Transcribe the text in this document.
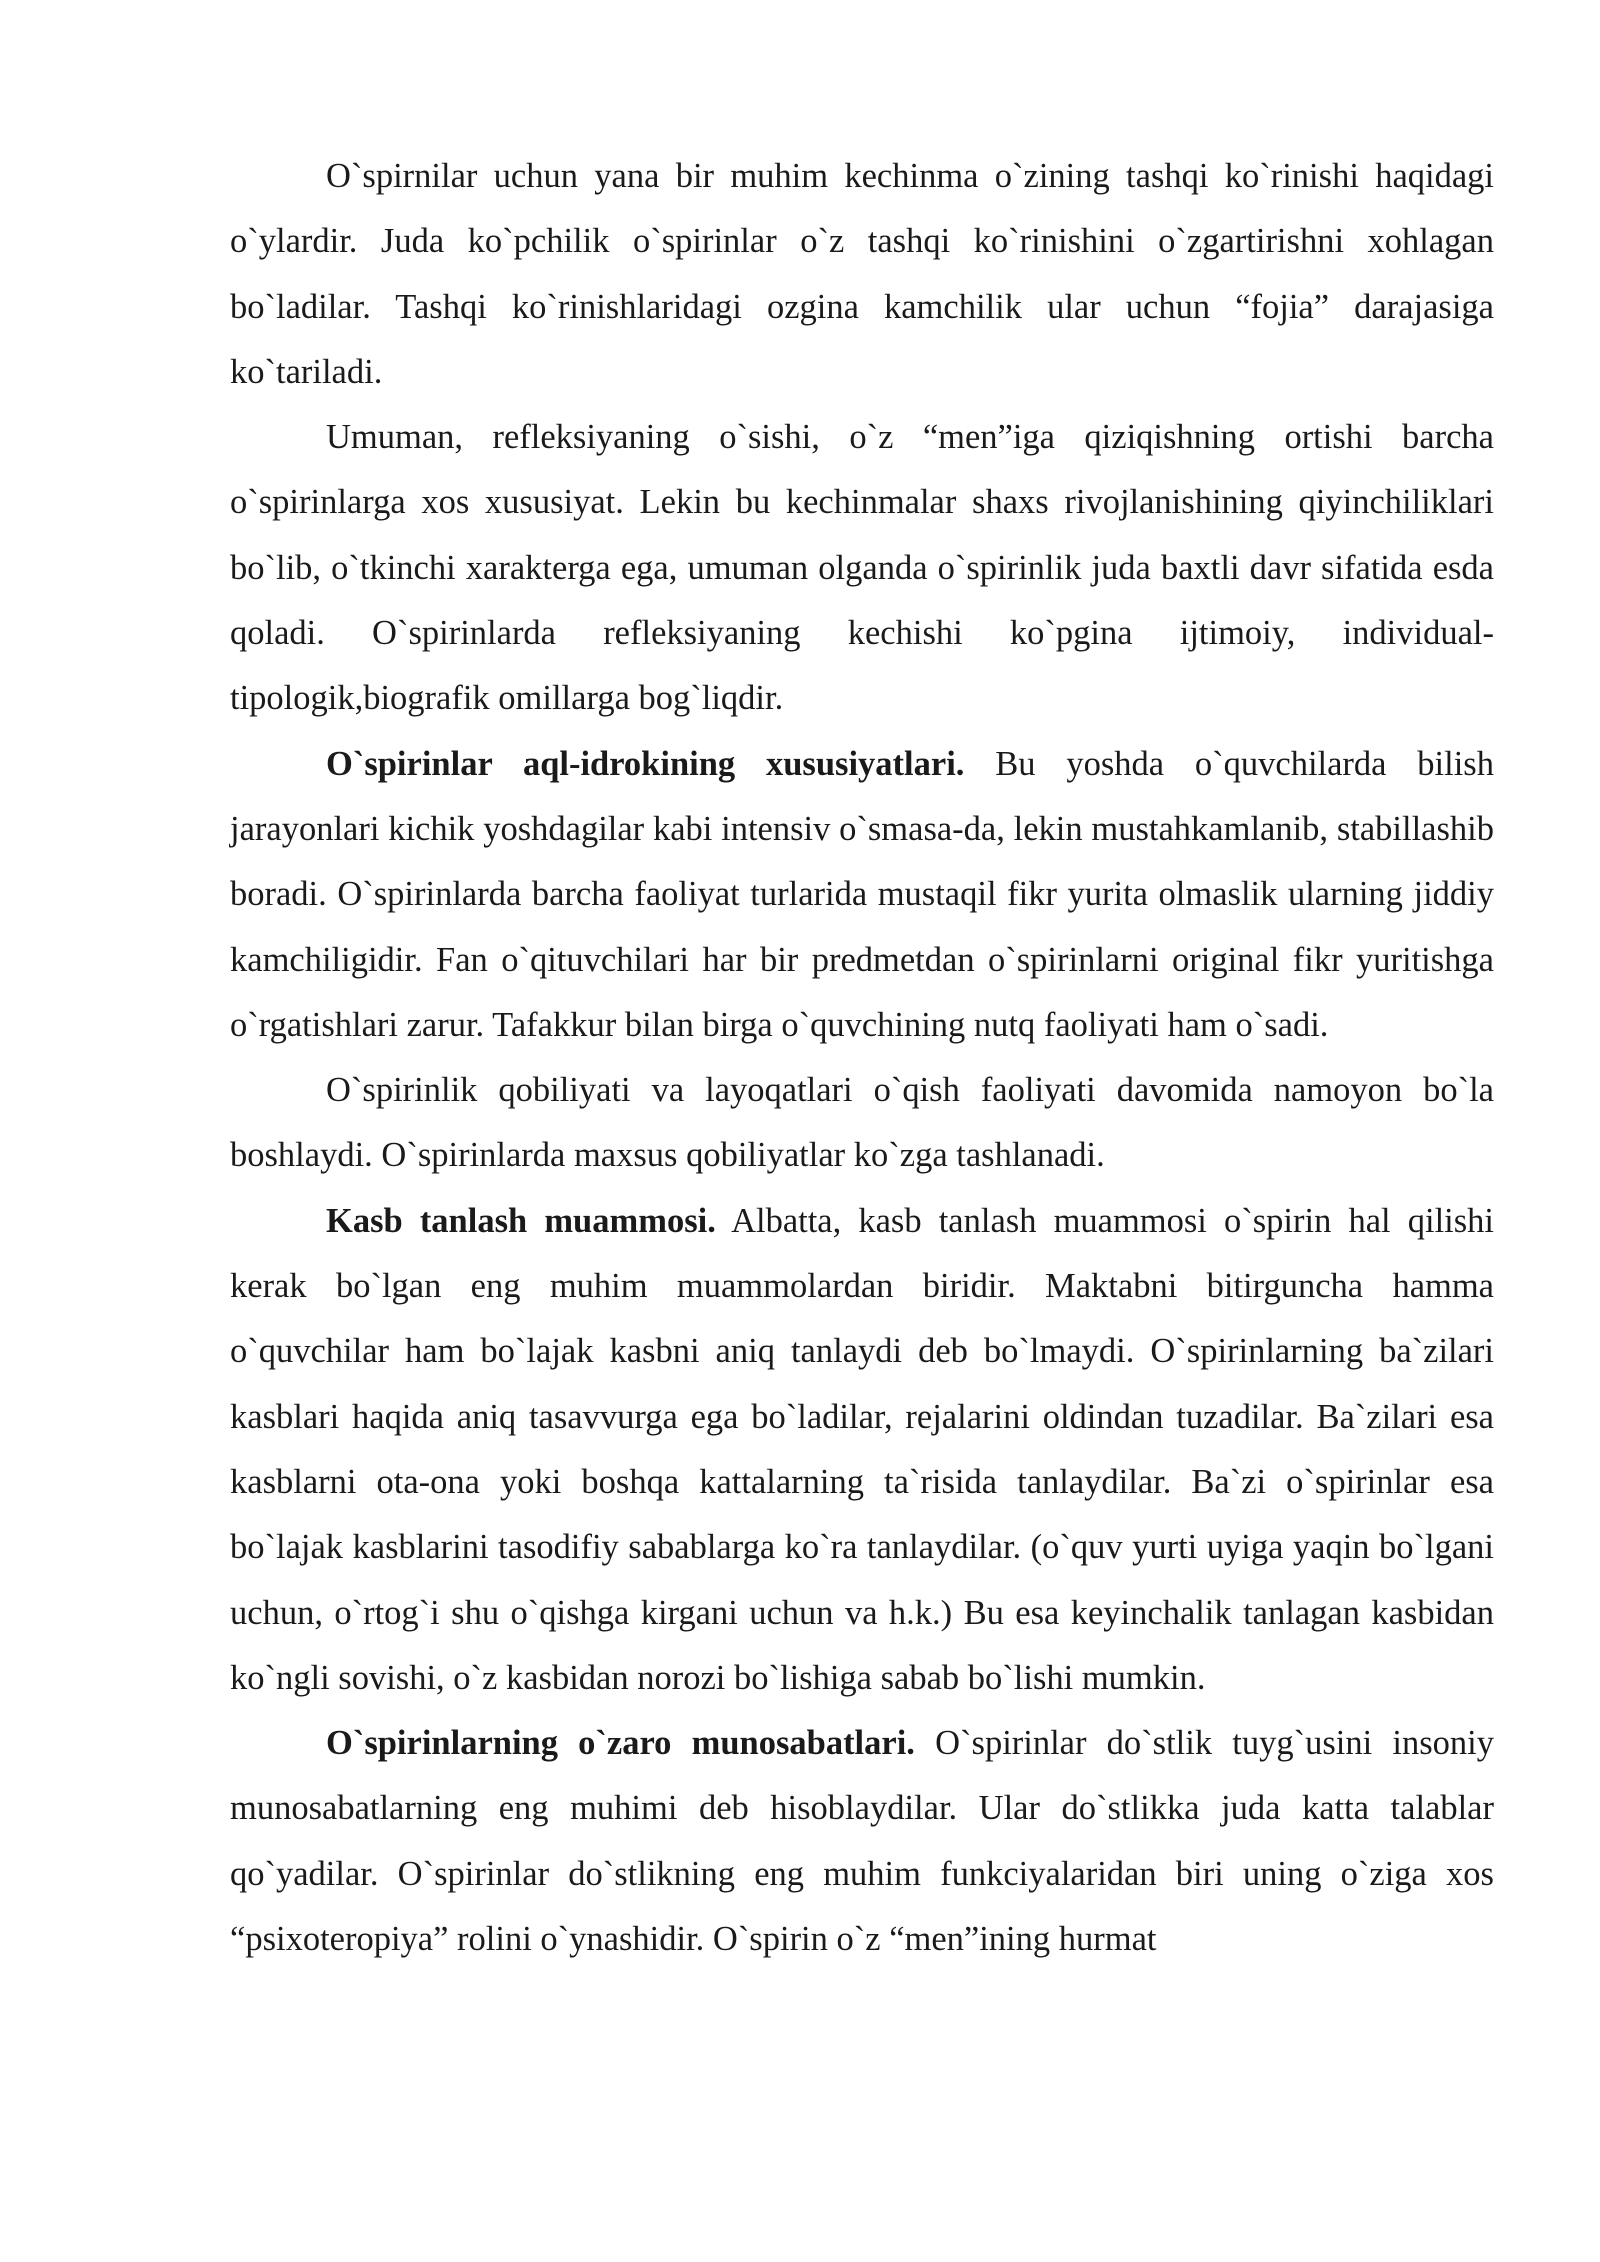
O`spirnilar uchun yana bir muhim kechinma o`zining tashqi ko`rinishi haqidagi o`ylardir. Juda ko`pchilik o`spirinlar o`z tashqi ko`rinishini o`zgartirishni xohlagan bo`ladilar. Tashqi ko`rinishlaridagi ozgina kamchilik ular uchun “fojia” darajasiga ko`tariladi.

Umuman, refleksiyaning o`sishi, o`z “men”iga qiziqishning ortishi barcha o`spirinlarga xos xususiyat. Lekin bu kechinmalar shaxs rivojlanishining qiyinchiliklari bo`lib, o`tkinchi xarakterga ega, umuman olganda o`spirinlik juda baxtli davr sifatida esda qoladi. O`spirinlarda refleksiyaning kechishi ko`pgina ijtimoiy, individual-tipologik,biografik omillarga bog`liqdir.

O`spirinlar aql-idrokining xususiyatlari. Bu yoshda o`quvchilarda bilish jarayonlari kichik yoshdagilar kabi intensiv o`smasa-da, lekin mustahkamlanib, stabillashib boradi. O`spirinlarda barcha faoliyat turlarida mustaqil fikr yurita olmaslik ularning jiddiy kamchiligidir. Fan o`qituvchilari har bir predmetdan o`spirinlarni original fikr yuritishga o`rgatishlari zarur. Tafakkur bilan birga o`quvchining nutq faoliyati ham o`sadi.

O`spirinlik qobiliyati va layoqatlari o`qish faoliyati davomida namoyon bo`la boshlaydi. O`spirinlarda maxsus qobiliyatlar ko`zga tashlanadi.

Kasb tanlash muammosi. Albatta, kasb tanlash muammosi o`spirin hal qilishi kerak bo`lgan eng muhim muammolardan biridir. Maktabni bitirguncha hamma o`quvchilar ham bo`lajak kasbni aniq tanlaydi deb bo`lmaydi. O`spirinlarning ba`zilari kasblari haqida aniq tasavvurga ega bo`ladilar, rejalarini oldindan tuzadilar. Ba`zilari esa kasblarni ota-ona yoki boshqa kattalarning ta`risida tanlaydilar. Ba`zi o`spirinlar esa bo`lajak kasblarini tasodifiy sabablarga ko`ra tanlaydilar. (o`quv yurti uyiga yaqin bo`lgani uchun, o`rtog`i shu o`qishga kirgani uchun va h.k.) Bu esa keyinchalik tanlagan kasbidan ko`ngli sovishi, o`z kasbidan norozi bo`lishiga sabab bo`lishi mumkin.

O`spirinlarning o`zaro munosabatlari. O`spirinlar do`stlik tuyg`usini insoniy munosabatlarning eng muhimi deb hisoblaydilar. Ular do`stlikka juda katta talablar qo`yadilar. O`spirinlar do`stlikning eng muhim funkciyalaridan biri uning o`ziga xos “psixoteropiya” rolini o`ynashidir. O`spirin o`z “men”ining hurmat
